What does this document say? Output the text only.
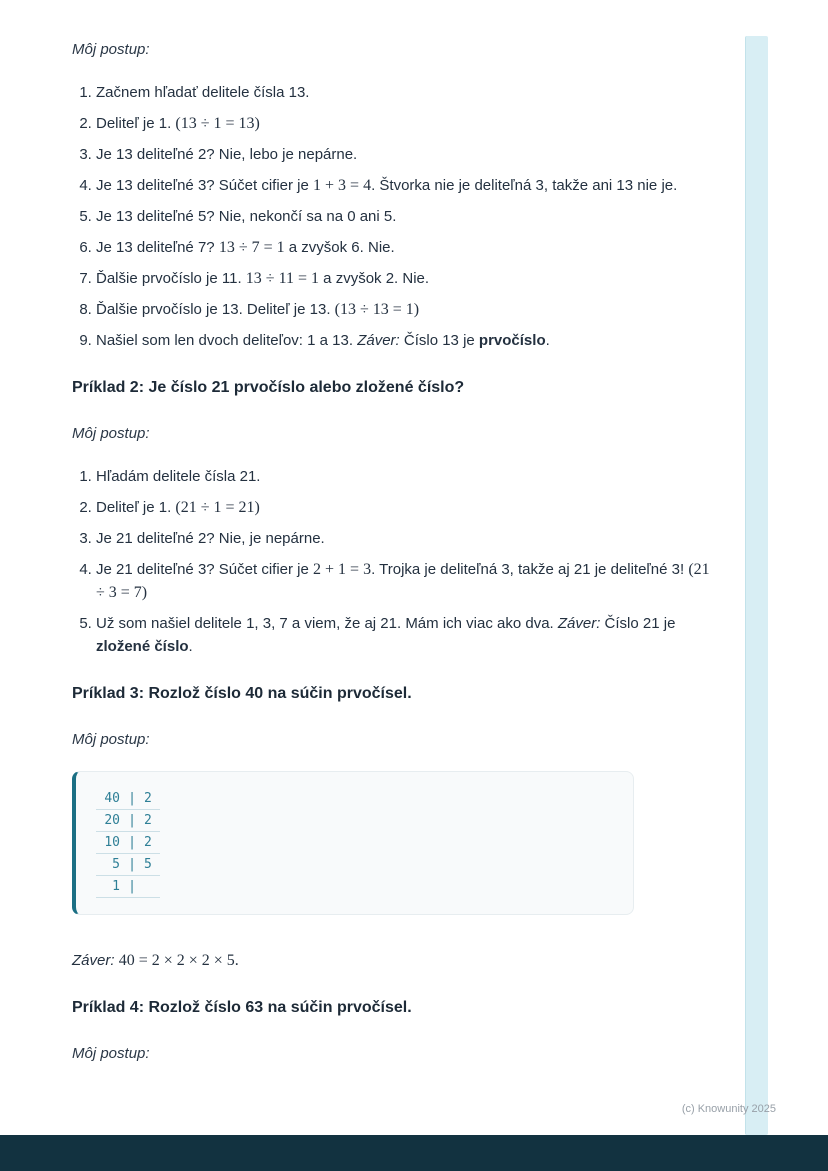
Môj postup:

1. Začnem hľadať delitele čísla 13.
2. Deliteľ je 1. (13 ÷ 1 = 13)
3. Je 13 deliteľné 2? Nie, lebo je nepárne.
4. Je 13 deliteľné 3? Súčet cifier je 1 + 3 = 4. Štvorka nie je deliteľná 3, takže ani 13 nie je.
5. Je 13 deliteľné 5? Nie, nekončí sa na 0 ani 5.
6. Je 13 deliteľné 7? 13 ÷ 7 = 1 a zvyšok 6. Nie.
7. Ďalšie prvočíslo je 11. 13 ÷ 11 = 1 a zvyšok 2. Nie.
8. Ďalšie prvočíslo je 13. Deliteľ je 13. (13 ÷ 13 = 1)
9. Našiel som len dvoch deliteľov: 1 a 13. Záver: Číslo 13 je prvočíslo.
Príklad 2: Je číslo 21 prvočíslo alebo zložené číslo?

Môj postup:

1. Hľadám delitele čísla 21.
2. Deliteľ je 1. (21 ÷ 1 = 21)
3. Je 21 deliteľné 2? Nie, je nepárne.
4. Je 21 deliteľné 3? Súčet cifier je 2 + 1 = 3. Trojka je deliteľná 3, takže aj 21 je deliteľné 3! (21 ÷ 3 = 7)
5. Už som našiel delitele 1, 3, 7 a viem, že aj 21. Mám ich viac ako dva. Záver: Číslo 21 je zložené číslo.
Príklad 3: Rozlož číslo 40 na súčin prvočísel.

Môj postup:

40 | 2
20 | 2
10 | 2
5 | 5
1 |

Záver: 40 = 2 × 2 × 2 × 5.

Príklad 4: Rozlož číslo 63 na súčin prvočísel.

Môj postup:

(c) Knowunity 2025
